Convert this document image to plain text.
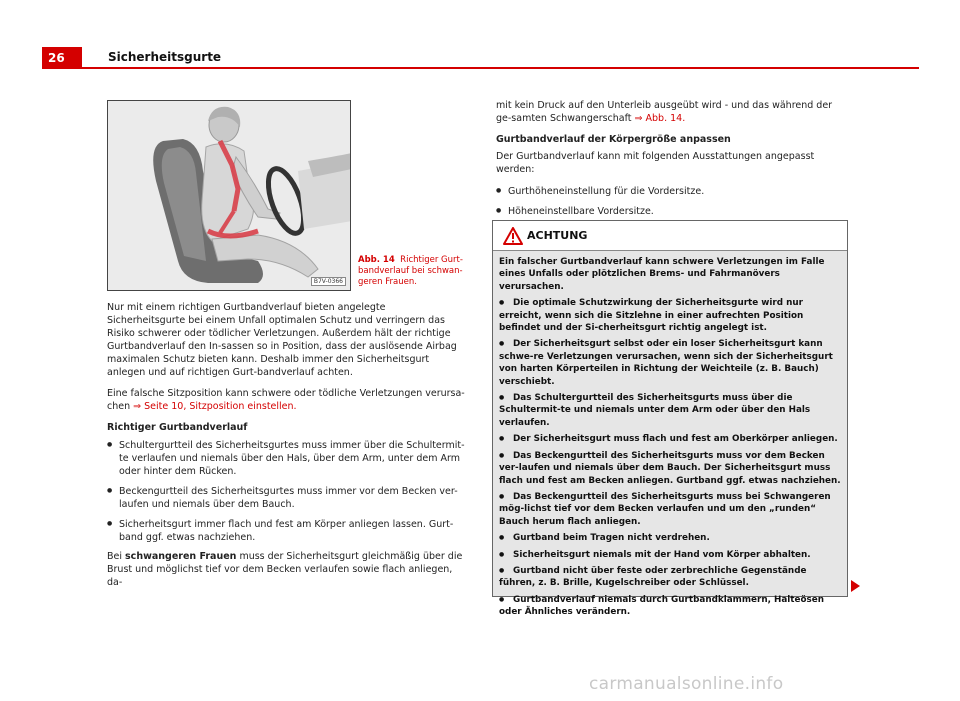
26	Sicherheitsgurte
B7V-0366
Abb. 14 Richtiger Gurt-bandverlauf bei schwan-geren Frauen.

Nur mit einem richtigen Gurtbandverlauf bieten angelegte Sicherheitsgurte bei einem Unfall optimalen Schutz und verringern das Risiko schwerer oder tödlicher Verletzungen. Außerdem hält der richtige Gurtbandverlauf den In-sassen so in Position, dass der auslösende Airbag maximalen Schutz bieten kann. Deshalb immer den Sicherheitsgurt anlegen und auf richtigen Gurt-bandverlauf achten.

Eine falsche Sitzposition kann schwere oder tödliche Verletzungen verursa-chen ⇒ Seite 10, Sitzposition einstellen.

Richtiger Gurtbandverlauf
● Schultergurtteil des Sicherheitsgurtes muss immer über die Schultermit-te verlaufen und niemals über den Hals, über dem Arm, unter dem Arm oder hinter dem Rücken.
● Beckengurtteil des Sicherheitsgurtes muss immer vor dem Becken ver-laufen und niemals über dem Bauch.
● Sicherheitsgurt immer flach und fest am Körper anliegen lassen. Gurt-band ggf. etwas nachziehen.

Bei schwangeren Frauen muss der Sicherheitsgurt gleichmäßig über die Brust und möglichst tief vor dem Becken verlaufen sowie flach anliegen, da-

mit kein Druck auf den Unterleib ausgeübt wird - und das während der ge-samten Schwangerschaft ⇒ Abb. 14.

Gurtbandverlauf der Körpergröße anpassen

Der Gurtbandverlauf kann mit folgenden Ausstattungen angepasst werden:

● Gurthöheneinstellung für die Vordersitze.
● Höheneinstellbare Vordersitze.
ACHTUNG

Ein falscher Gurtbandverlauf kann schwere Verletzungen im Falle eines Unfalls oder plötzlichen Brems- und Fahrmanövers verursachen.

● Die optimale Schutzwirkung der Sicherheitsgurte wird nur erreicht, wenn sich die Sitzlehne in einer aufrechten Position befindet und der Si-cherheitsgurt richtig angelegt ist.

● Der Sicherheitsgurt selbst oder ein loser Sicherheitsgurt kann schwe-re Verletzungen verursachen, wenn sich der Sicherheitsgurt von harten Körperteilen in Richtung der Weichteile (z. B. Bauch) verschiebt.

● Das Schultergurtteil des Sicherheitsgurts muss über die Schultermit-te und niemals unter dem Arm oder über den Hals verlaufen.

● Der Sicherheitsgurt muss flach und fest am Oberkörper anliegen.

● Das Beckengurtteil des Sicherheitsgurts muss vor dem Becken ver-laufen und niemals über dem Bauch. Der Sicherheitsgurt muss flach und fest am Becken anliegen. Gurtband ggf. etwas nachziehen.

● Das Beckengurtteil des Sicherheitsgurts muss bei Schwangeren mög-lichst tief vor dem Becken verlaufen und um den „runden“ Bauch herum flach anliegen.

● Gurtband beim Tragen nicht verdrehen.

● Sicherheitsgurt niemals mit der Hand vom Körper abhalten.

● Gurtband nicht über feste oder zerbrechliche Gegenstände führen, z. B. Brille, Kugelschreiber oder Schlüssel.

● Gurtbandverlauf niemals durch Gurtbandklammern, Halteösen oder Ähnliches verändern.

carmanualsonline.info
